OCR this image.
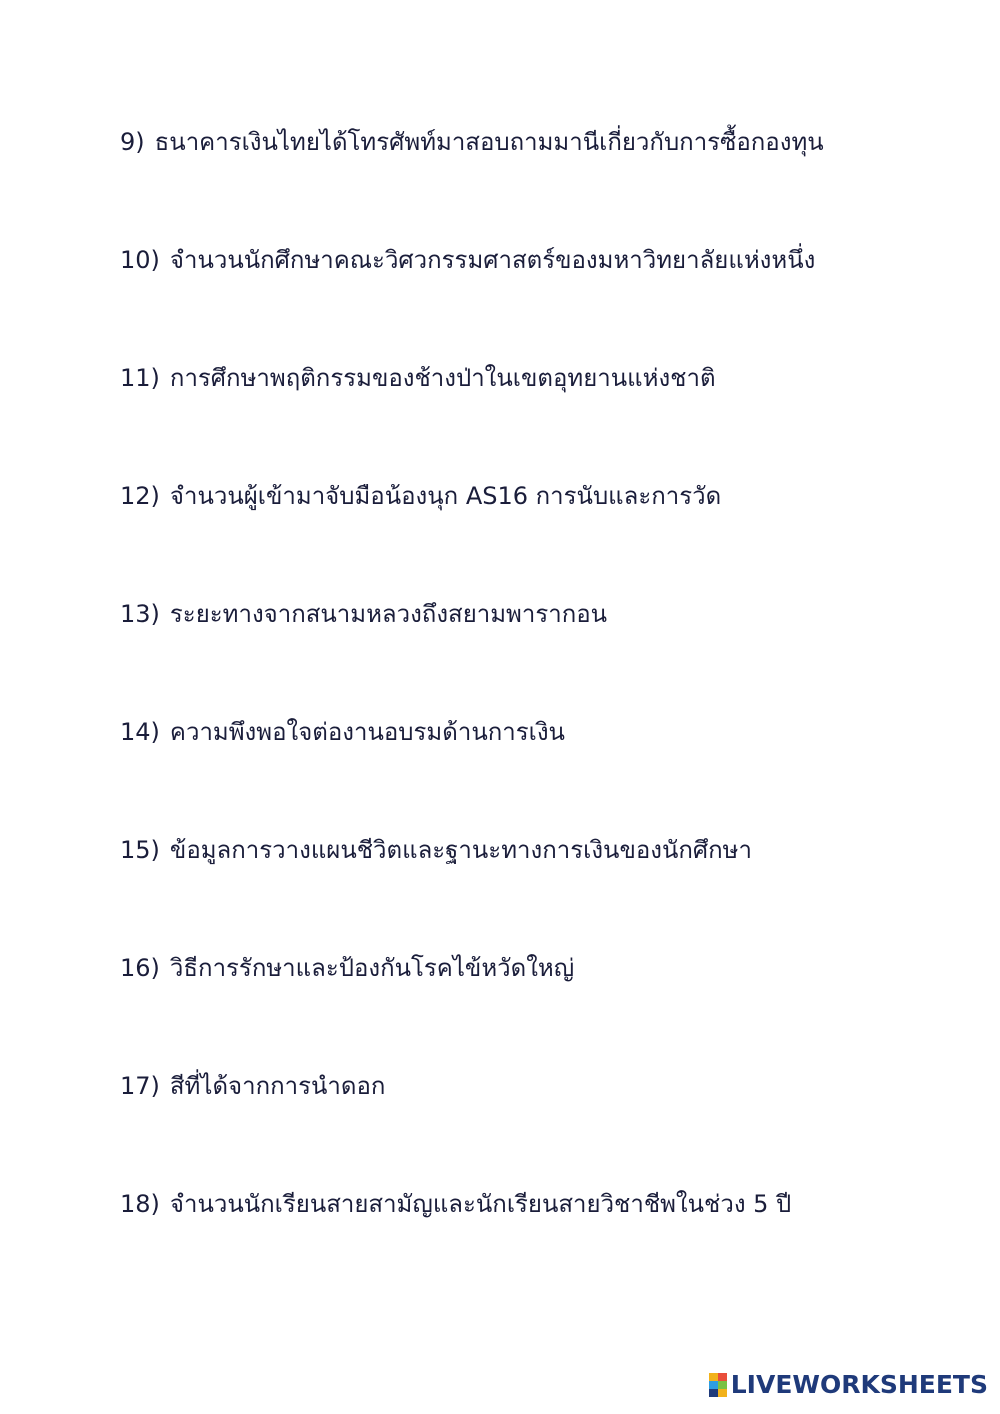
9) ธนาคารเงินไทยได้โทรศัพท์มาสอบถามมานีเกี่ยวกับการซื้อกองทุน
10) จำนวนนักศึกษาคณะวิศวกรรมศาสตร์ของมหาวิทยาลัยแห่งหนึ่ง
11) การศึกษาพฤติกรรมของช้างป่าในเขตอุทยานแห่งชาติ
12) จำนวนผู้เข้ามาจับมือน้องนุก AS16 การนับและการวัด
13) ระยะทางจากสนามหลวงถึงสยามพารากอน
14) ความพึงพอใจต่องานอบรมด้านการเงิน
15) ข้อมูลการวางแผนชีวิตและฐานะทางการเงินของนักศึกษา
16) วิธีการรักษาและป้องกันโรคไข้หวัดใหญ่
17) สีที่ได้จากการนำดอก
18) จำนวนนักเรียนสายสามัญและนักเรียนสายวิชาชีพในช่วง 5 ปี
LIVEWORKSHEETS
